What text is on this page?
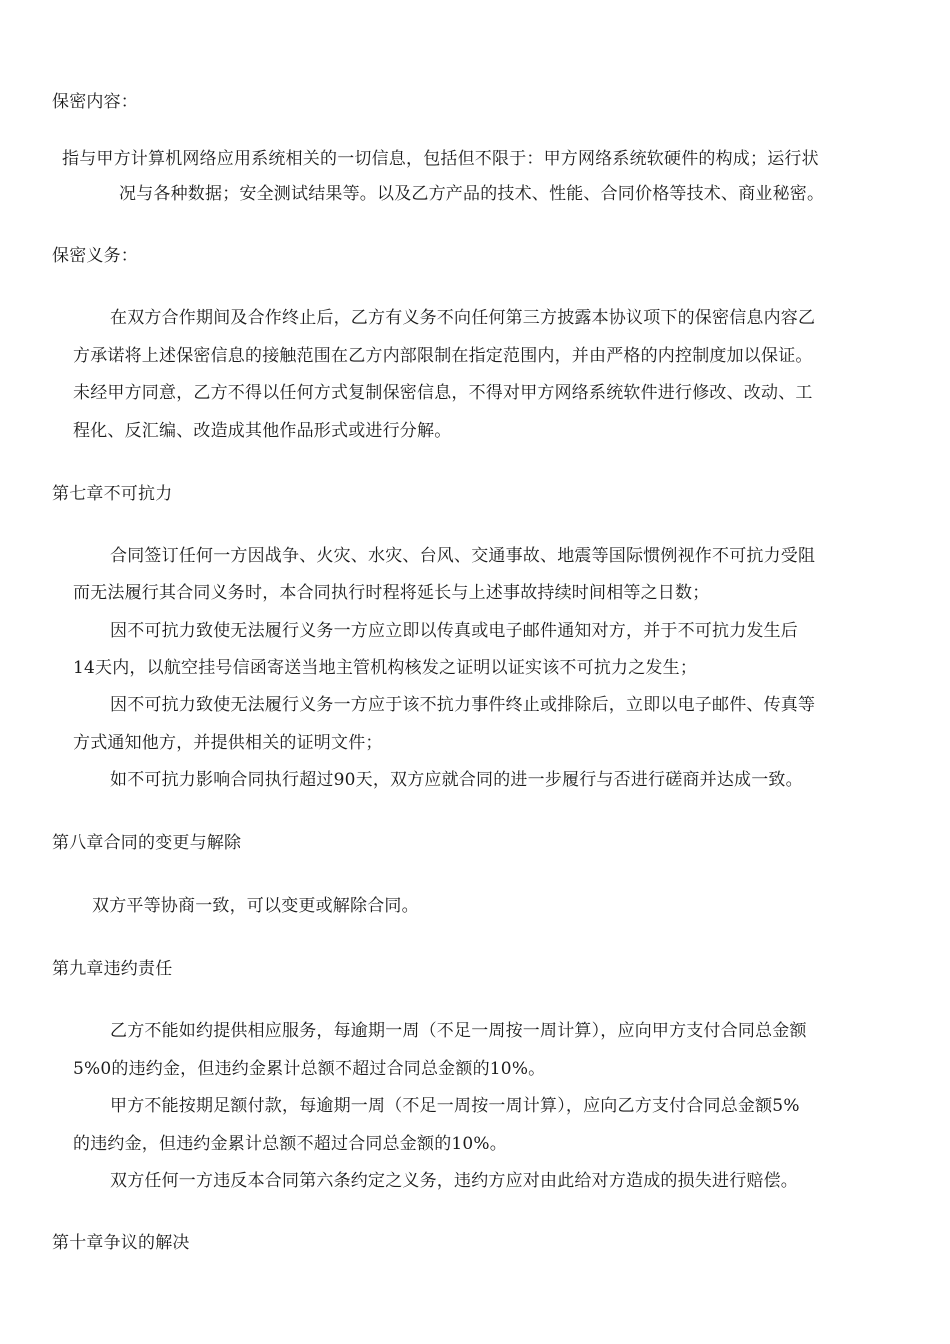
保密内容：
指与甲方计算机网络应用系统相关的一切信息，包括但不限于：甲方网络系统软硬件的构成；运行状
况与各种数据；安全测试结果等。以及乙方产品的技术、性能、合同价格等技术、商业秘密。
保密义务：
在双方合作期间及合作终止后，乙方有义务不向任何第三方披露本协议项下的保密信息内容乙
方承诺将上述保密信息的接触范围在乙方内部限制在指定范围内，并由严格的内控制度加以保证。
未经甲方同意，乙方不得以任何方式复制保密信息，不得对甲方网络系统软件进行修改、改动、工
程化、反汇编、改造成其他作品形式或进行分解。
第七章不可抗力
合同签订任何一方因战争、火灾、水灾、台风、交通事故、地震等国际惯例视作不可抗力受阻
而无法履行其合同义务时，本合同执行时程将延长与上述事故持续时间相等之日数；
因不可抗力致使无法履行义务一方应立即以传真或电子邮件通知对方，并于不可抗力发生后
14天内，以航空挂号信函寄送当地主管机构核发之证明以证实该不可抗力之发生；
因不可抗力致使无法履行义务一方应于该不抗力事件终止或排除后，立即以电子邮件、传真等
方式通知他方，并提供相关的证明文件；
如不可抗力影响合同执行超过90天，双方应就合同的进一步履行与否进行磋商并达成一致。
第八章合同的变更与解除
双方平等协商一致，可以变更或解除合同。
第九章违约责任
乙方不能如约提供相应服务，每逾期一周（不足一周按一周计算），应向甲方支付合同总金额
5%0的违约金，但违约金累计总额不超过合同总金额的10%。
甲方不能按期足额付款，每逾期一周（不足一周按一周计算），应向乙方支付合同总金额5%
的违约金，但违约金累计总额不超过合同总金额的10%。
双方任何一方违反本合同第六条约定之义务，违约方应对由此给对方造成的损失进行赔偿。
第十章争议的解决
